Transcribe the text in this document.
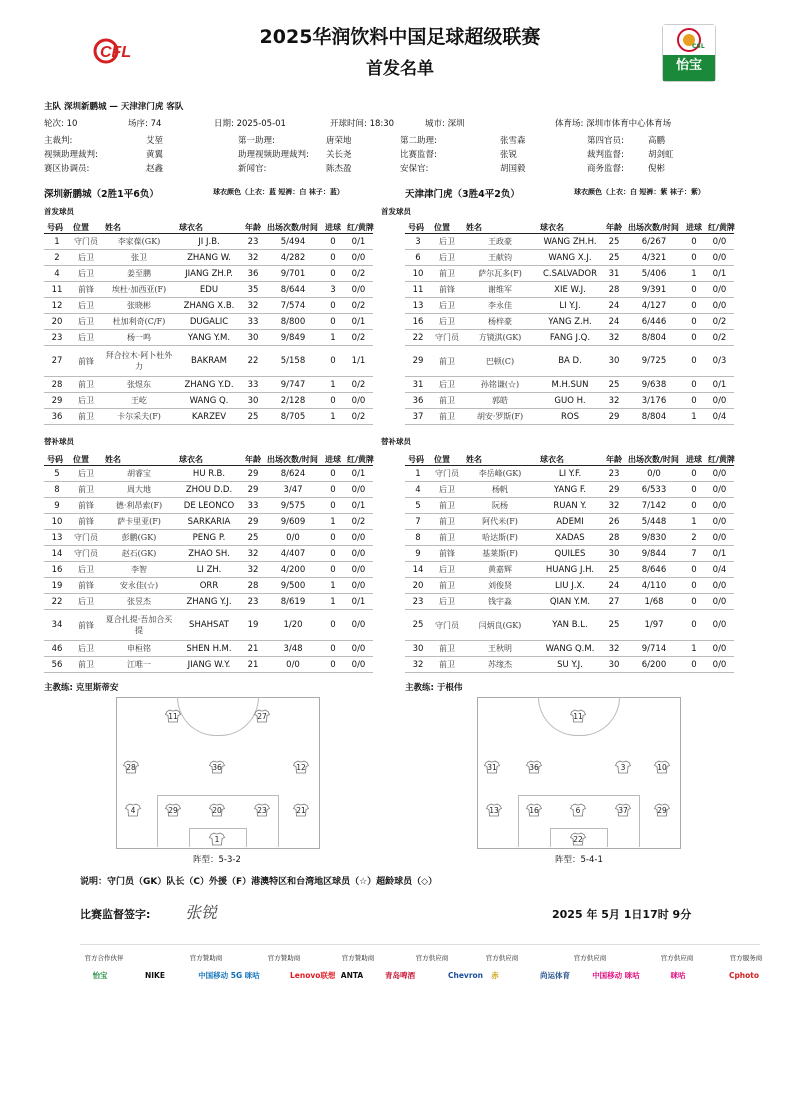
CFL
2025华润饮料中国足球超级联赛
首发名单
CSL
怡宝
主队 深圳新鹏城 — 天津津门虎 客队
轮次: 10	场序: 74	日期: 2025-05-01	开球时间: 18:30	城市: 深圳	体育场: 深圳市体育中心体育场
主裁判:	艾堃	第一助理:	唐荣地	第二助理:	张雪森	第四官员:	高鹏
视频助理裁判:	黄翼	助理视频助理裁判: 关长尧	比赛监督:	张锐	裁判监督:	胡剑虹
赛区协调员:	赵鑫	新闻官:	陈杰盈	安保官:	胡国毅	商务监督:	倪彬
深圳新鹏城（2胜1平6负）	球衣颜色（上衣：蓝 短裤：白 袜子：蓝）	天津津门虎（3胜4平2负）	球衣颜色（上衣：白 短裤：紫 袜子：紫）
首发球员	首发球员
号码	位置	姓名	球衣名	年龄	出场次数/时间	进球	红/黄牌
1	守门员	李家葆(GK)	JI J.B.	23	5/494	0	0/1
2	后卫	张卫	ZHANG W.	32	4/282	0	0/0
4	后卫	姜至鹏	JIANG ZH.P.	36	9/701	0	0/2
11	前锋	埃杜·加西亚(F)	EDU	35	8/644	3	0/0
12	后卫	张晓彬	ZHANG X.B.	32	7/574	0	0/2
20	后卫	杜加利奇(C/F)	DUGALIC	33	8/800	0	0/1
23	后卫	杨一鸣	YANG Y.M.	30	9/849	1	0/2
27	前锋	拜合拉木·阿卜杜外力	BAKRAM	22	5/158	0	1/1
28	前卫	张煜东	ZHANG Y.D.	33	9/747	1	0/2
29	后卫	王屹	WANG Q.	30	2/128	0	0/0
36	前卫	卡尔采夫(F)	KARZEV	25	8/705	1	0/2
号码	位置	姓名	球衣名	年龄	出场次数/时间	进球	红/黄牌
3	后卫	王政豪	WANG ZH.H.	25	6/267	0	0/0
6	后卫	王献钧	WANG X.J.	25	4/321	0	0/0
10	前卫	萨尔瓦多(F)	C.SALVADOR	31	5/406	1	0/1
11	前锋	谢维军	XIE W.J.	28	9/391	0	0/0
13	后卫	李永佳	LI Y.J.	24	4/127	0	0/0
16	后卫	杨梓豪	YANG Z.H.	24	6/446	0	0/2
22	守门员	方镜淇(GK)	FANG J.Q.	32	8/804	0	0/2
29	前卫	巴顿(C)	BA D.	30	9/725	0	0/3
31	后卫	孙铭谦(☆)	M.H.SUN	25	9/638	0	0/1
36	前卫	郭皓	GUO H.	32	3/176	0	0/0
37	前卫	胡安·罗斯(F)	ROS	29	8/804	1	0/4
替补球员	替补球员
号码	位置	姓名	球衣名	年龄	出场次数/时间	进球	红/黄牌
5	后卫	胡睿宝	HU R.B.	29	8/624	0	0/1
8	前卫	周大地	ZHOU D.D.	29	3/47	0	0/0
9	前锋	德·利昂索(F)	DE LEONCO	33	9/575	0	0/1
10	前锋	萨卡里亚(F)	SARKARIA	29	9/609	1	0/2
13	守门员	彭鹏(GK)	PENG P.	25	0/0	0	0/0
14	守门员	赵石(GK)	ZHAO SH.	32	4/407	0	0/0
16	后卫	李智	LI ZH.	32	4/200	0	0/0
19	前锋	安永佳(☆)	ORR	28	9/500	1	0/0
22	后卫	张昱杰	ZHANG Y.J.	23	8/619	1	0/1
34	前锋	夏合扎提·吾加合买提	SHAHSAT	19	1/20	0	0/0
46	后卫	申桓铭	SHEN H.M.	21	3/48	0	0/0
56	前卫	江唯一	JIANG W.Y.	21	0/0	0	0/0
号码	位置	姓名	球衣名	年龄	出场次数/时间	进球	红/黄牌
1	守门员	李岳峰(GK)	LI Y.F.	23	0/0	0	0/0
4	后卫	杨帆	YANG F.	29	6/533	0	0/0
5	前卫	阮杨	RUAN Y.	32	7/142	0	0/0
7	前卫	阿代米(F)	ADEMI	26	5/448	1	0/0
8	前卫	哈达斯(F)	XADAS	28	9/830	2	0/0
9	前锋	基莱斯(F)	QUILES	30	9/844	7	0/1
14	后卫	黄嘉辉	HUANG J.H.	25	8/646	0	0/4
20	前卫	刘俊贤	LIU J.X.	24	4/110	0	0/0
23	后卫	钱宇淼	QIAN Y.M.	27	1/68	0	0/0
25	守门员	闫炳良(GK)	YAN B.L.	25	1/97	0	0/0
30	前卫	王秋明	WANG Q.M.	32	9/714	1	0/0
32	前卫	苏缘杰	SU Y.J.	30	6/200	0	0/0
主教练: 克里斯蒂安	主教练: 于根伟
11	27
28	36	12
4	29	20	23	21
1
阵型：5-3-2
11
31	36	3	10
13	16	6	37	29
22
阵型：5-4-1
说明：守门员（GK）队长（C）外援（F）港澳特区和台湾地区球员（☆）超龄球员（◇）
比赛监督签字: 张锐	2025 年 5月 1日17时 9分
官方合作伙伴	官方赞助商	官方赞助商	官方赞助商	官方供应商	官方供应商	官方供应商	官方供应商	官方服务商
怡宝	NIKE	中国移动 5G 咪咕	Lenovo联想 ANTA	青岛啤酒	Chevron	赤	尚运体育	中国移动 咪咕	咪咕	Cphoto
